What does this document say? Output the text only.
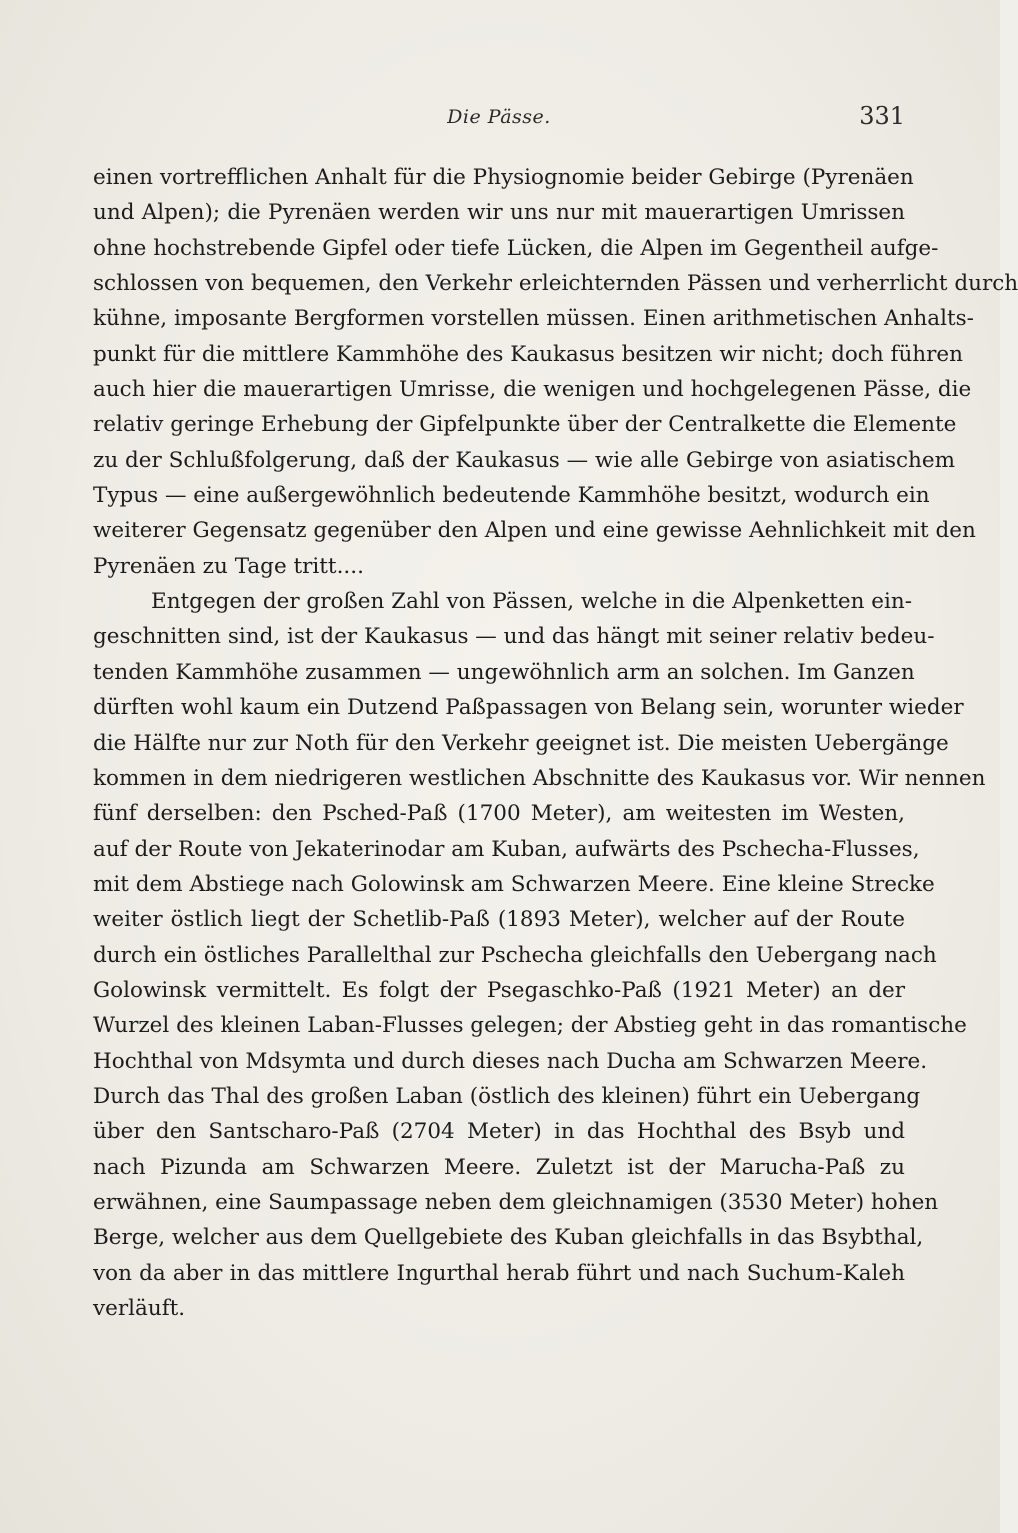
Die Pässe.	331
einen vortrefflichen Anhalt für die Physiognomie beider Gebirge (Pyrenäen
und Alpen); die Pyrenäen werden wir uns nur mit mauerartigen Umrissen
ohne hochstrebende Gipfel oder tiefe Lücken, die Alpen im Gegentheil aufge-
schlossen von bequemen, den Verkehr erleichternden Pässen und verherrlicht durch
kühne, imposante Bergformen vorstellen müssen. Einen arithmetischen Anhalts-
punkt für die mittlere Kammhöhe des Kaukasus besitzen wir nicht; doch führen
auch hier die mauerartigen Umrisse, die wenigen und hochgelegenen Pässe, die
relativ geringe Erhebung der Gipfelpunkte über der Centralkette die Elemente
zu der Schlußfolgerung, daß der Kaukasus — wie alle Gebirge von asiatischem
Typus — eine außergewöhnlich bedeutende Kammhöhe besitzt, wodurch ein
weiterer Gegensatz gegenüber den Alpen und eine gewisse Aehnlichkeit mit den
Pyrenäen zu Tage tritt....
Entgegen der großen Zahl von Pässen, welche in die Alpenketten ein-
geschnitten sind, ist der Kaukasus — und das hängt mit seiner relativ bedeu-
tenden Kammhöhe zusammen — ungewöhnlich arm an solchen. Im Ganzen
dürften wohl kaum ein Dutzend Paßpassagen von Belang sein, worunter wieder
die Hälfte nur zur Noth für den Verkehr geeignet ist. Die meisten Uebergänge
kommen in dem niedrigeren westlichen Abschnitte des Kaukasus vor. Wir nennen
fünf derselben: den Psched-Paß (1700 Meter), am weitesten im Westen,
auf der Route von Jekaterinodar am Kuban, aufwärts des Pschecha-Flusses,
mit dem Abstiege nach Golowinsk am Schwarzen Meere. Eine kleine Strecke
weiter östlich liegt der Schetlib-Paß (1893 Meter), welcher auf der Route
durch ein östliches Parallelthal zur Pschecha gleichfalls den Uebergang nach
Golowinsk vermittelt. Es folgt der Psegaschko-Paß (1921 Meter) an der
Wurzel des kleinen Laban-Flusses gelegen; der Abstieg geht in das romantische
Hochthal von Mdsymta und durch dieses nach Ducha am Schwarzen Meere.
Durch das Thal des großen Laban (östlich des kleinen) führt ein Uebergang
über den Santscharo-Paß (2704 Meter) in das Hochthal des Bsyb und
nach Pizunda am Schwarzen Meere. Zuletzt ist der Marucha-Paß zu
erwähnen, eine Saumpassage neben dem gleichnamigen (3530 Meter) hohen
Berge, welcher aus dem Quellgebiete des Kuban gleichfalls in das Bsybthal,
von da aber in das mittlere Ingurthal herab führt und nach Suchum-Kaleh
verläuft.
